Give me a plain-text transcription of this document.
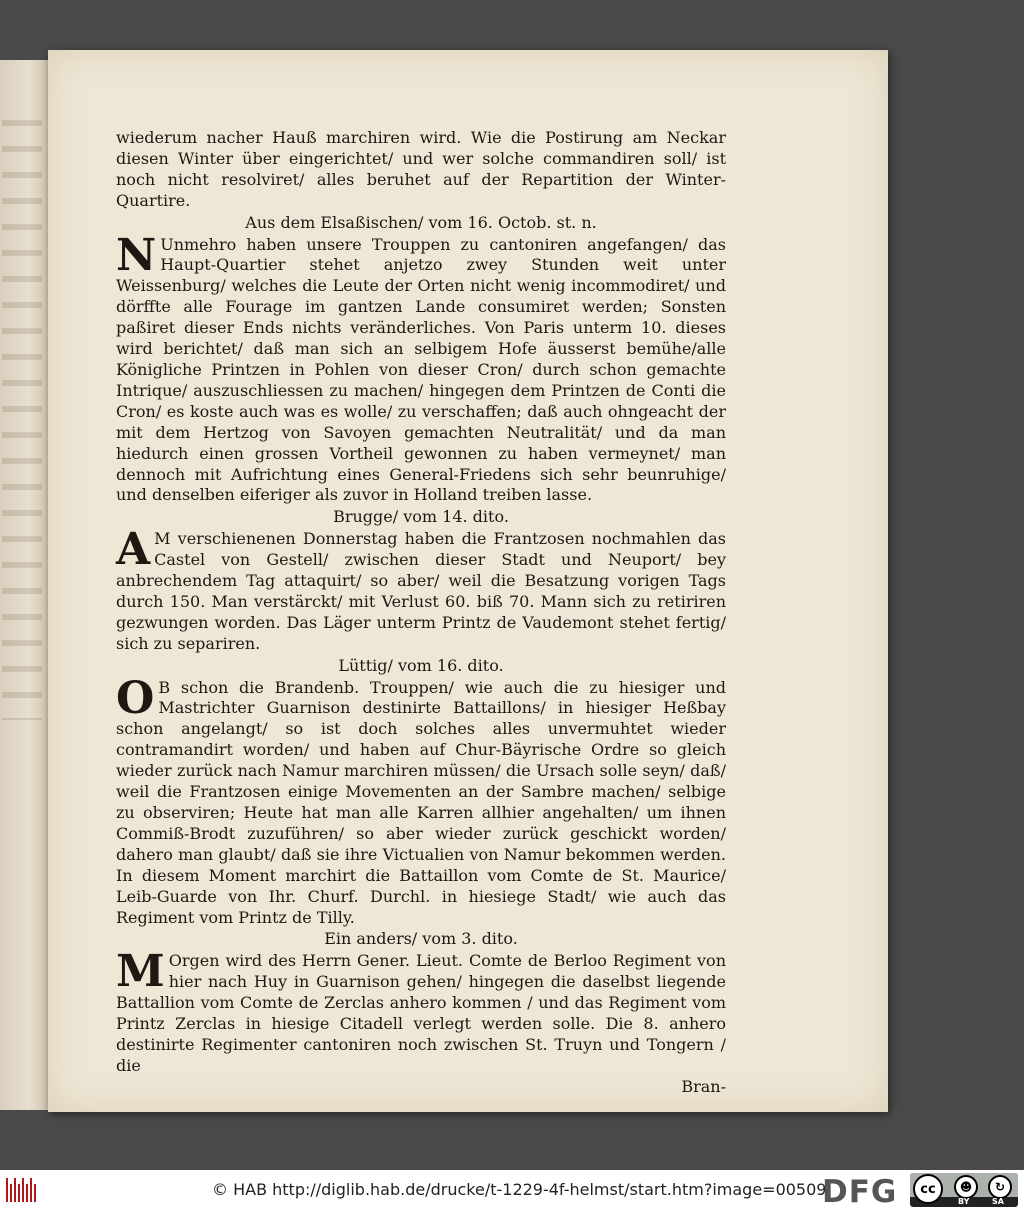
wiederum nacher Hauß marchiren wird. Wie die Postirung am Neckar diesen Winter über eingerichtet/ und wer solche commandiren soll/ ist noch nicht resolviret/ alles beruhet auf der Repartition der Winter-Quartire.

Aus dem Elsaßischen/ vom 16. Octob. st. n.

N Unmehro haben unsere Trouppen zu cantoniren angefangen/ das Haupt-Quartier stehet anjetzo zwey Stunden weit unter Weissenburg/ welches die Leute der Orten nicht wenig incommodiret/ und dörffte alle Fourage im gantzen Lande consumiret werden; Sonsten paßiret dieser Ends nichts veränderliches. Von Paris unterm 10. dieses wird berichtet/ daß man sich an selbigem Hofe äusserst bemühe/alle Königliche Printzen in Pohlen von dieser Cron/ durch schon gemachte Intrique/ auszuschliessen zu machen/ hingegen dem Printzen de Conti die Cron/ es koste auch was es wolle/ zu verschaffen; daß auch ohngeacht der mit dem Hertzog von Savoyen gemachten Neutralität/ und da man hiedurch einen grossen Vortheil gewonnen zu haben vermeynet/ man dennoch mit Aufrichtung eines General-Friedens sich sehr beunruhige/ und denselben eiferiger als zuvor in Holland treiben lasse.

Brugge/ vom 14. dito.

A M verschienenen Donnerstag haben die Frantzosen nochmahlen das Castel von Gestell/ zwischen dieser Stadt und Neuport/ bey anbrechendem Tag attaquirt/ so aber/ weil die Besatzung vorigen Tags durch 150. Man verstärckt/ mit Verlust 60. biß 70. Mann sich zu retiriren gezwungen worden. Das Läger unterm Printz de Vaudemont stehet fertig/ sich zu separiren.

Lüttig/ vom 16. dito.

O B schon die Brandenb. Trouppen/ wie auch die zu hiesiger und Mastrichter Guarnison destinirte Battaillons/ in hiesiger Heßbay schon angelangt/ so ist doch solches alles unvermuhtet wieder contramandirt worden/ und haben auf Chur-Bäyrische Ordre so gleich wieder zurück nach Namur marchiren müssen/ die Ursach solle seyn/ daß/ weil die Frantzosen einige Movementen an der Sambre machen/ selbige zu observiren; Heute hat man alle Karren allhier angehalten/ um ihnen Commiß-Brodt zuzuführen/ so aber wieder zurück geschickt worden/ dahero man glaubt/ daß sie ihre Victualien von Namur bekommen werden. In diesem Moment marchirt die Battaillon vom Comte de St. Maurice/ Leib-Guarde von Ihr. Churf. Durchl. in hiesiege Stadt/ wie auch das Regiment vom Printz de Tilly.

Ein anders/ vom 3. dito.

M Orgen wird des Herrn Gener. Lieut. Comte de Berloo Regiment von hier nach Huy in Guarnison gehen/ hingegen die daselbst liegende Battallion vom Comte de Zerclas anhero kommen / und das Regiment vom Printz Zerclas in hiesige Citadell verlegt werden solle. Die 8. anhero destinirte Regimenter cantoniren noch zwischen St. Truyn und Tongern / die

Bran-

© HAB http://diglib.hab.de/drucke/t-1229-4f-helmst/start.htm?image=00509
DFG cc	☻	↻
BY	SA
